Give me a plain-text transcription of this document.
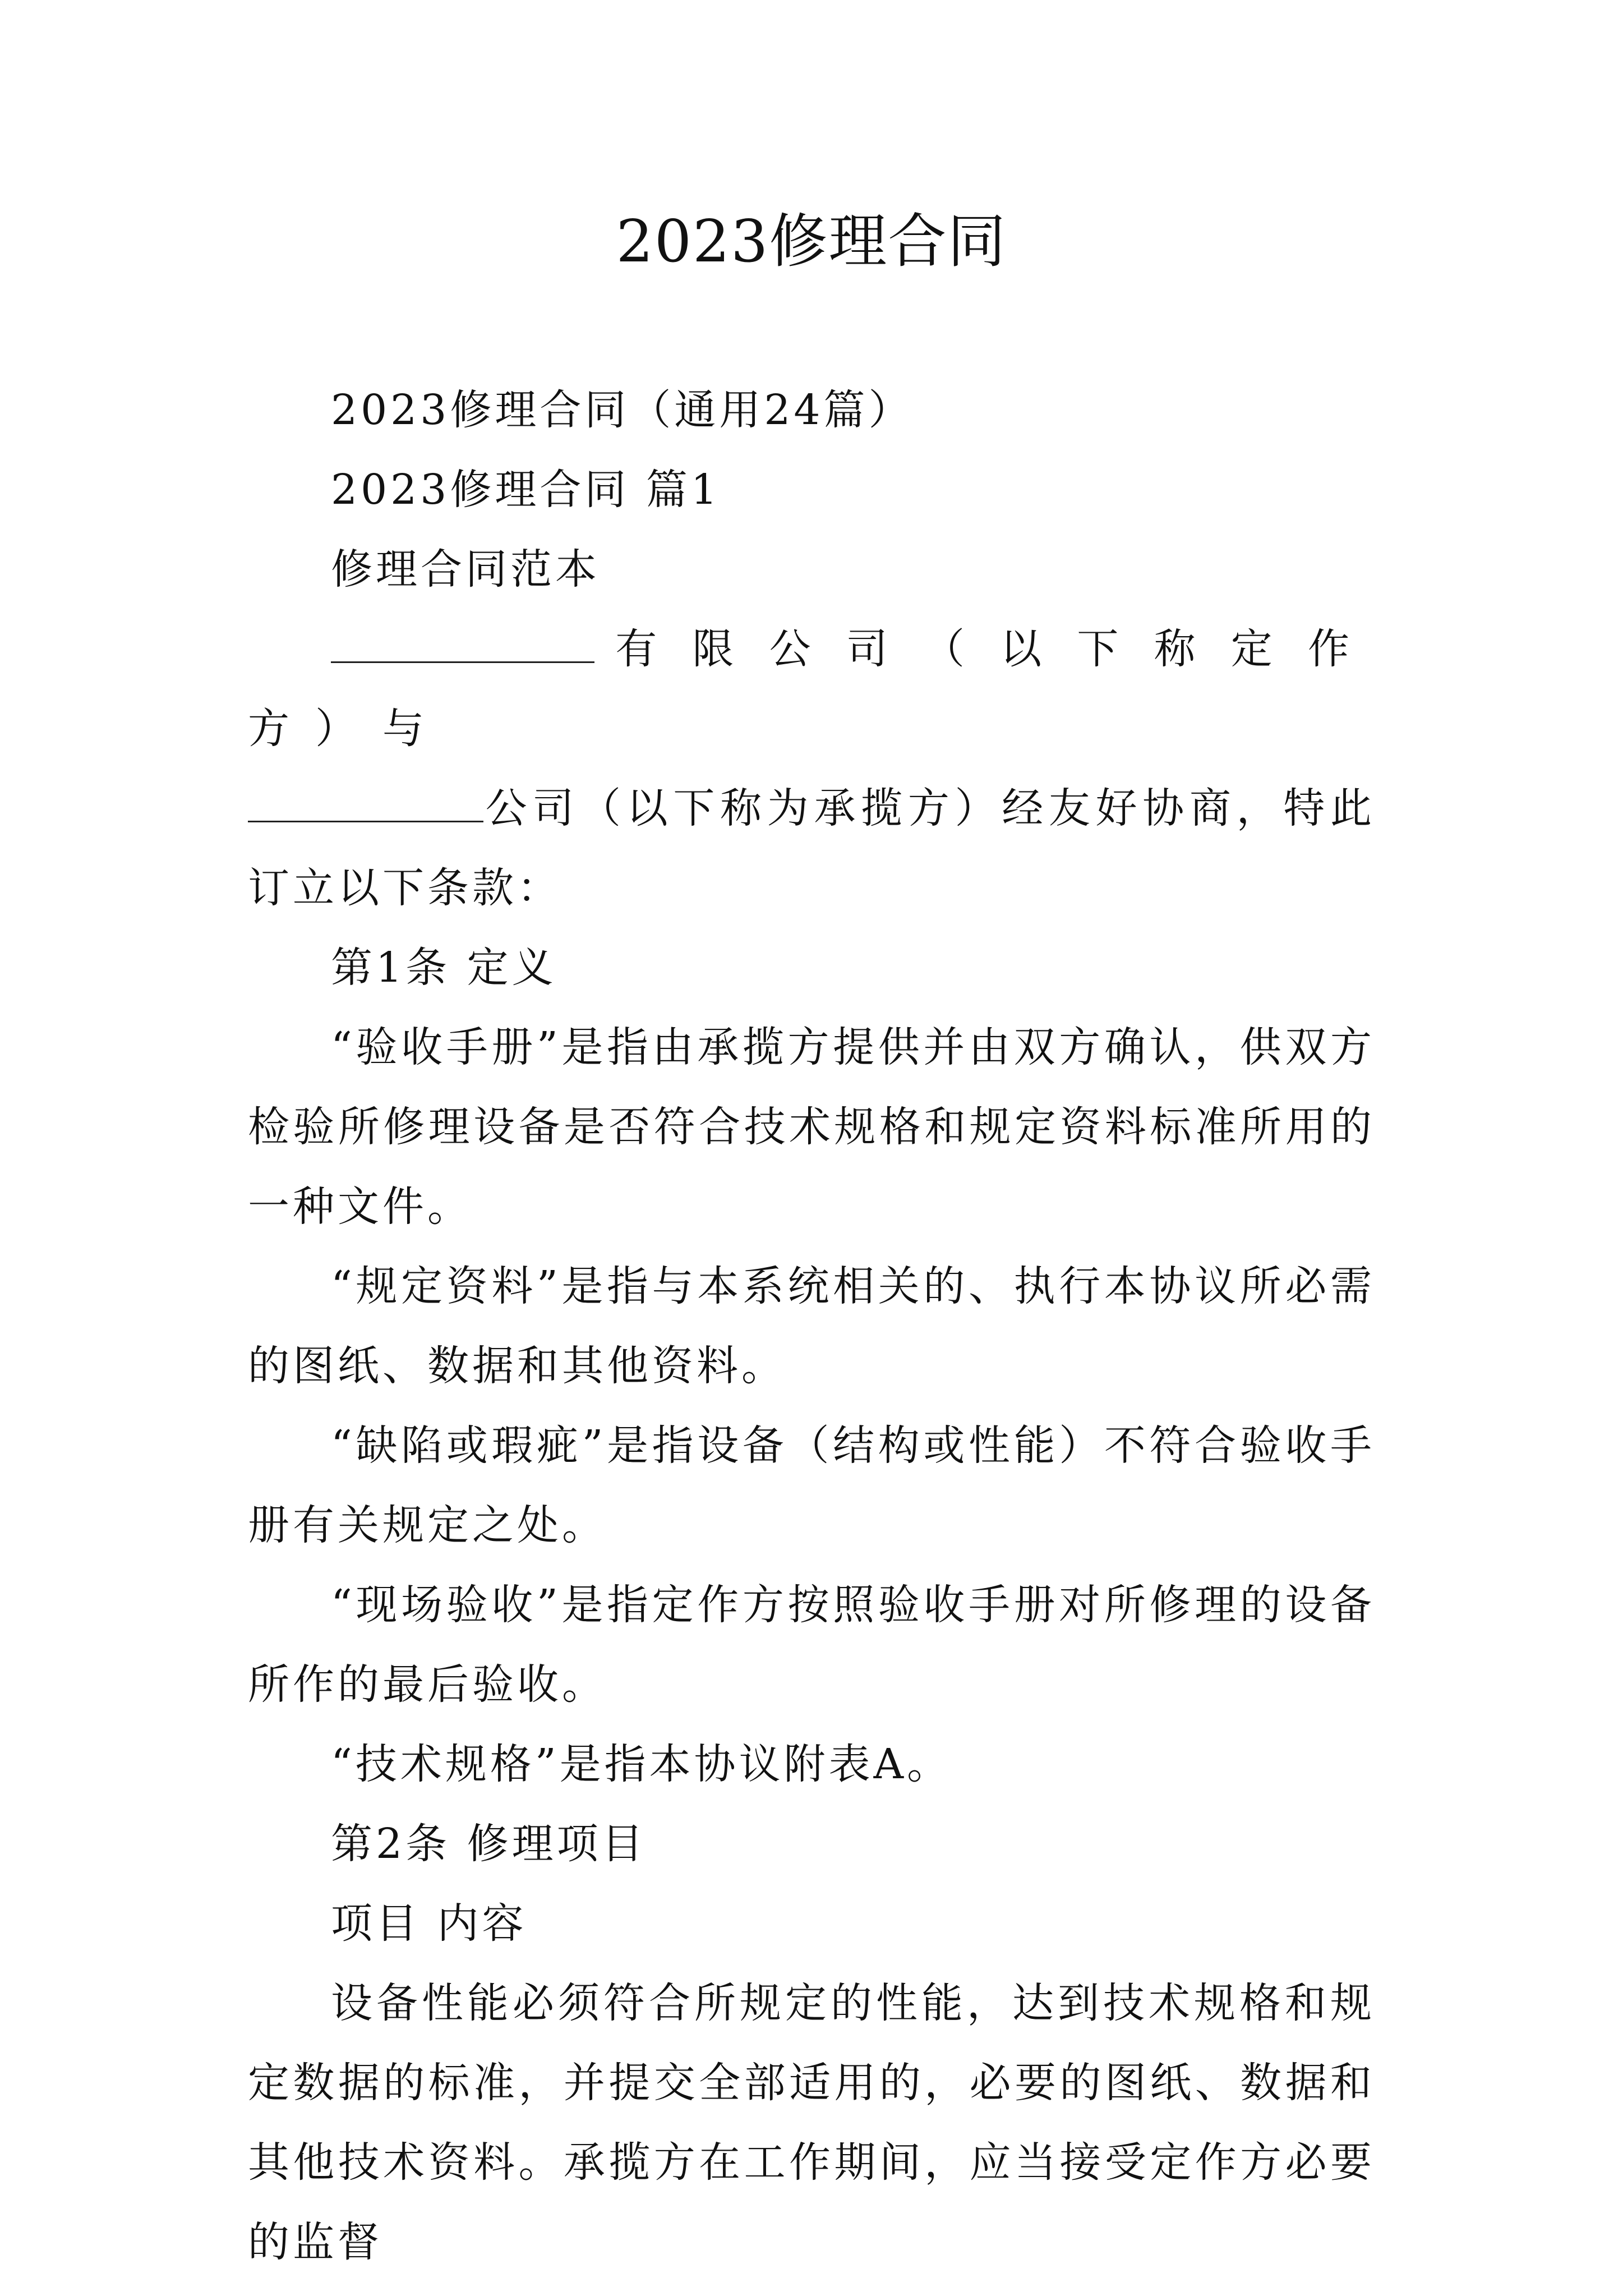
2023修理合同

2023修理合同（通用24篇）

2023修理合同 篇1

修理合同范本

有限公司（以下称定作方）与
公司（以下称为承揽方）经友好协商，特此订立以下条款：

第1条 定义

“验收手册”是指由承揽方提供并由双方确认，供双方检验所修理设备是否符合技术规格和规定资料标准所用的一种文件。

“规定资料”是指与本系统相关的、执行本协议所必需的图纸、数据和其他资料。

“缺陷或瑕疵”是指设备（结构或性能）不符合验收手册有关规定之处。

“现场验收”是指定作方按照验收手册对所修理的设备所作的最后验收。

“技术规格”是指本协议附表A。

第2条 修理项目

项目 内容

设备性能必须符合所规定的性能，达到技术规格和规定数据的标准，并提交全部适用的，必要的图纸、数据和其他技术资料。承揽方在工作期间，应当接受定作方必要的监督
